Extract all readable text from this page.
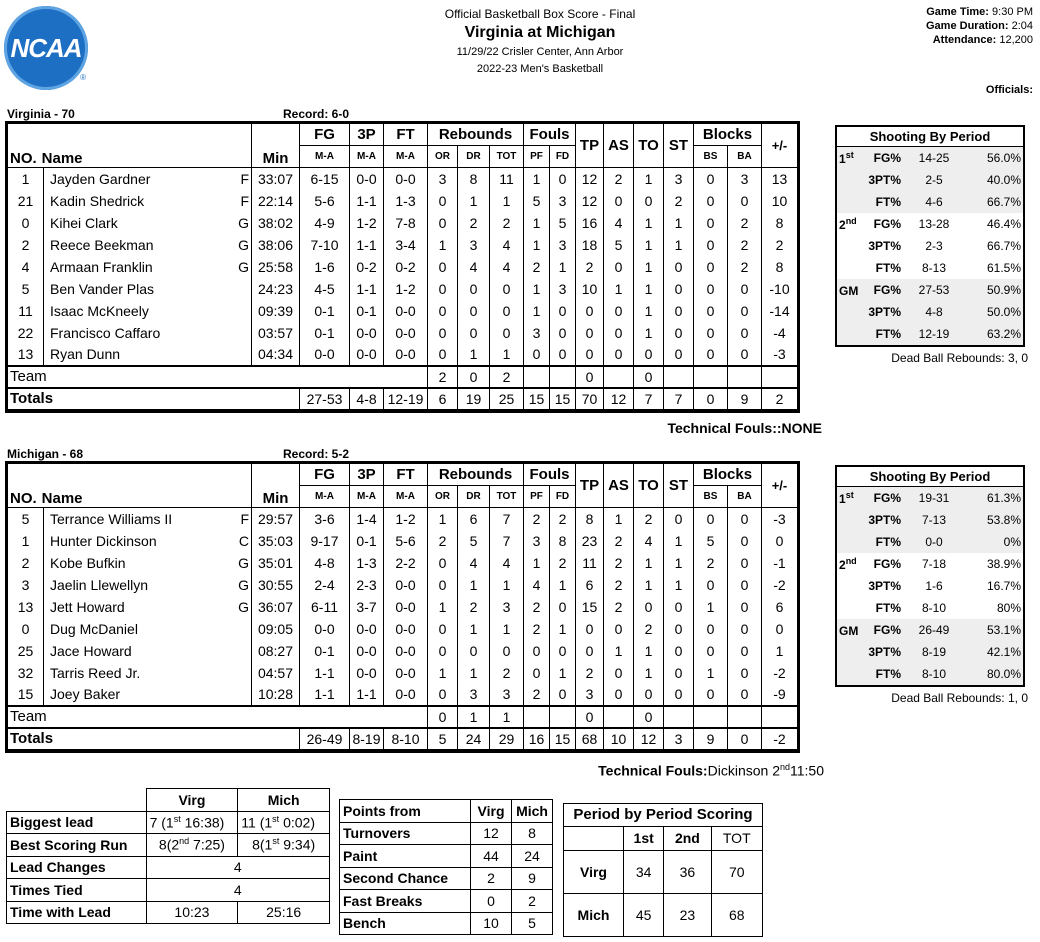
NCAA
®
Official Basketball Box Score - Final
Virginia at Michigan
11/29/22 Crisler Center, Ann Arbor
2022-23 Men's Basketball
Game Time: 9:30 PM
Game Duration: 2:04
Attendance: 12,200
Officials:
Virginia - 70	Record: 6-0
NO. Name		Min	FG	3P	FT	Rebounds			Fouls		TP	AS	TO	ST	Blocks		+/-
			M-A	M-A	M-A	OR	DR	TOT	PF	FD					BS	BA	
1	Jayden Gardner F	33:07	6-15	0-0	0-0	3	8	11	1	0	12	2	1	3	0	3	13
21	Kadin Shedrick F	22:14	5-6	1-1	1-3	0	1	1	5	3	12	0	0	2	0	0	10
0	Kihei Clark G	38:02	4-9	1-2	7-8	0	2	2	1	5	16	4	1	1	0	2	8
2	Reece Beekman G	38:06	7-10	1-1	3-4	1	3	4	1	3	18	5	1	1	0	2	2
4	Armaan Franklin G	25:58	1-6	0-2	0-2	0	4	4	2	1	2	0	1	0	0	2	8
5	Ben Vander Plas	24:23	4-5	1-1	1-2	0	0	0	1	3	10	1	1	0	0	0	-10
11	Isaac McKneely	09:39	0-1	0-1	0-0	0	0	0	1	0	0	0	1	0	0	0	-14
22	Francisco Caffaro	03:57	0-1	0-0	0-0	0	0	0	3	0	0	0	1	0	0	0	-4
13	Ryan Dunn	04:34	0-0	0-0	0-0	0	1	1	0	0	0	0	0	0	0	0	-3
Team						2	0	2			0		0				
Totals			27-53	4-8	12-19	6	19	25	15	15	70	12	7	7	0	9	2
Shooting By Period
1st	FG%	14-25	56.0%
3PT%	2-5	40.0%
FT%	4-6	66.7%
2nd	FG%	13-28	46.4%
3PT%	2-3	66.7%
FT%	8-13	61.5%
GM	FG%	27-53	50.9%
3PT%	4-8	50.0%
FT%	12-19	63.2%
Dead Ball Rebounds: 3, 0
Technical Fouls::NONE
Michigan - 68	Record: 5-2
NO. Name		Min	FG	3P	FT	Rebounds			Fouls		TP	AS	TO	ST	Blocks		+/-
			M-A	M-A	M-A	OR	DR	TOT	PF	FD					BS	BA	
5	Terrance Williams II F	29:57	3-6	1-4	1-2	1	6	7	2	2	8	1	2	0	0	0	-3
1	Hunter Dickinson C	35:03	9-17	0-1	5-6	2	5	7	3	8	23	2	4	1	5	0	0
2	Kobe Bufkin G	35:01	4-8	1-3	2-2	0	4	4	1	2	11	2	1	1	2	0	-1
3	Jaelin Llewellyn G	30:55	2-4	2-3	0-0	0	1	1	4	1	6	2	1	1	0	0	-2
13	Jett Howard G	36:07	6-11	3-7	0-0	1	2	3	2	0	15	2	0	0	1	0	6
0	Dug McDaniel	09:05	0-0	0-0	0-0	0	1	1	2	1	0	0	2	0	0	0	0
25	Jace Howard	08:27	0-1	0-0	0-0	0	0	0	0	0	0	1	1	0	0	0	1
32	Tarris Reed Jr.	04:57	1-1	0-0	0-0	1	1	2	0	1	2	0	1	0	1	0	-2
15	Joey Baker	10:28	1-1	1-1	0-0	0	3	3	2	0	3	0	0	0	0	0	-9
Team						0	1	1			0		0				
Totals			26-49	8-19	8-10	5	24	29	16	15	68	10	12	3	9	0	-2
Shooting By Period
1st	FG%	19-31	61.3%
3PT%	7-13	53.8%
FT%	0-0	0%
2nd	FG%	7-18	38.9%
3PT%	1-6	16.7%
FT%	8-10	80%
GM	FG%	26-49	53.1%
3PT%	8-19	42.1%
FT%	8-10	80.0%
Dead Ball Rebounds: 1, 0
Technical Fouls:Dickinson 2nd11:50
	Virg	Mich
Biggest lead	7 (1st 16:38)	11 (1st 0:02)
Best Scoring Run	8(2nd 7:25)	8(1st 9:34)
Lead Changes	4	
Times Tied	4	
Time with Lead	10:23	25:16
Points from	Virg	Mich
Turnovers	12	8
Paint	44	24
Second Chance	2	9
Fast Breaks	0	2
Bench	10	5
Period by Period Scoring			
	1st	2nd	TOT
Virg	34	36	70
Mich	45	23	68
